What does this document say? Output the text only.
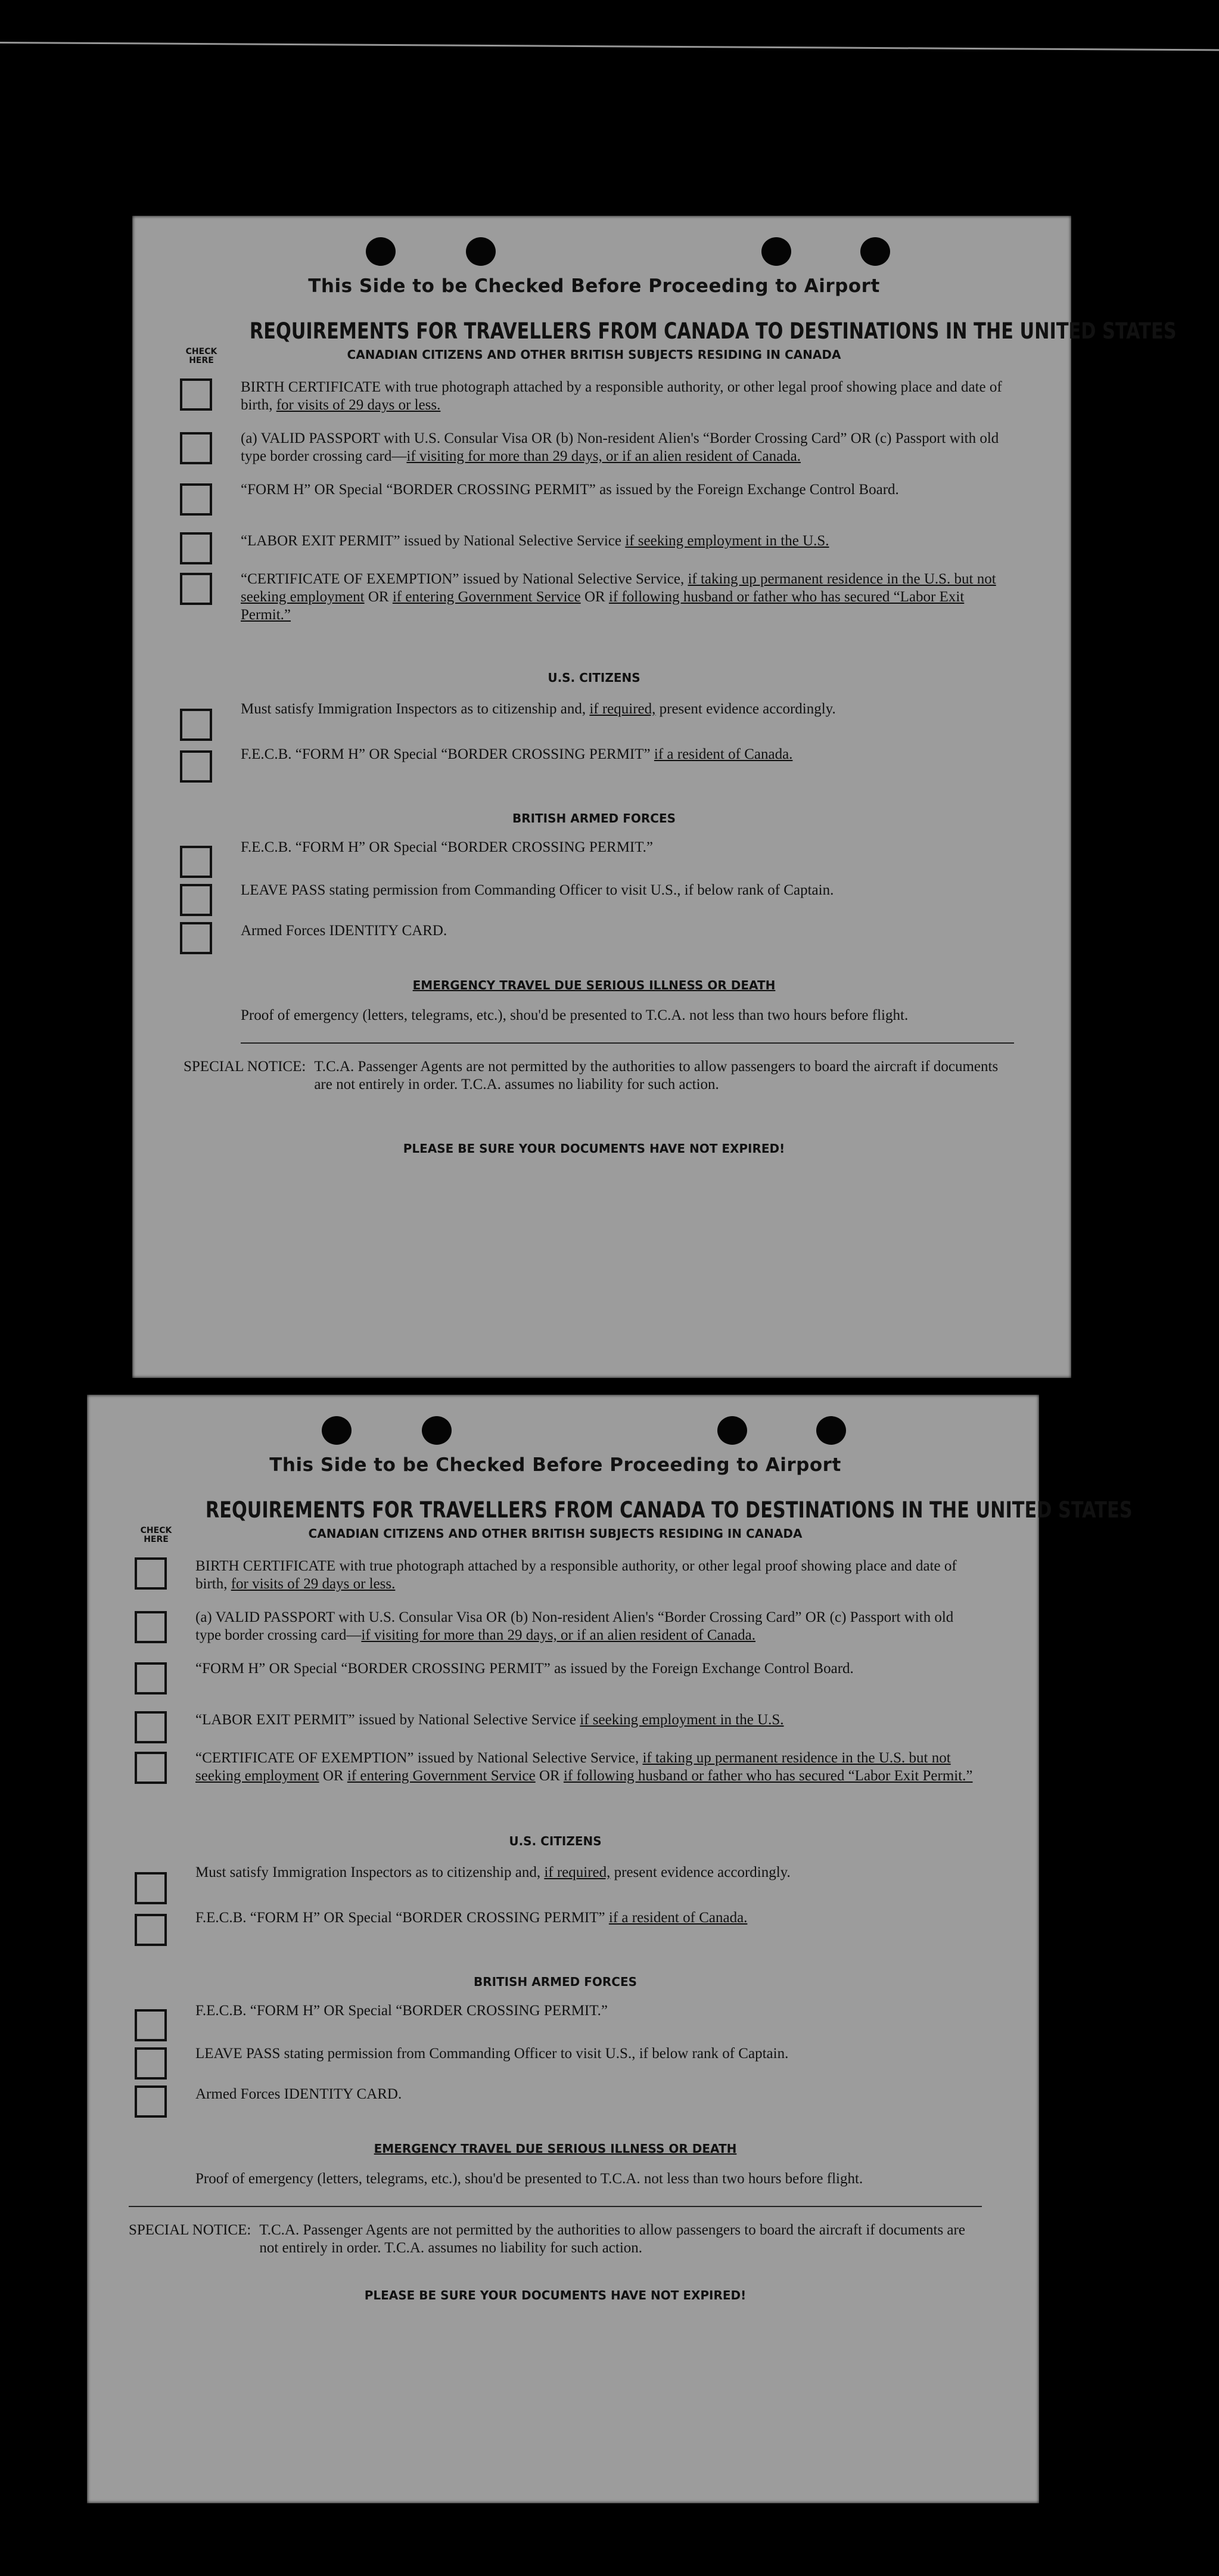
This Side to be Checked Before Proceeding to Airport
REQUIREMENTS FOR TRAVELLERS FROM CANADA TO DESTINATIONS IN THE UNITED STATES
CHECK HERE	CANADIAN CITIZENS AND OTHER BRITISH SUBJECTS RESIDING IN CANADA
BIRTH CERTIFICATE with true photograph attached by a responsible authority, or other legal proof showing place and date of birth, for visits of 29 days or less.
(a) VALID PASSPORT with U.S. Consular Visa OR (b) Non-resident Alien's “Border Crossing Card” OR (c) Passport with old type border crossing card—if visiting for more than 29 days, or if an alien resident of Canada.
“FORM H” OR Special “BORDER CROSSING PERMIT” as issued by the Foreign Exchange Control Board.
“LABOR EXIT PERMIT” issued by National Selective Service if seeking employment in the U.S.
“CERTIFICATE OF EXEMPTION” issued by National Selective Service, if taking up permanent residence in the U.S. but not seeking employment OR if entering Government Service OR if following husband or father who has secured “Labor Exit Permit.”
U.S. CITIZENS
Must satisfy Immigration Inspectors as to citizenship and, if required, present evidence accordingly.
F.E.C.B. “FORM H” OR Special “BORDER CROSSING PERMIT” if a resident of Canada.
BRITISH ARMED FORCES
F.E.C.B. “FORM H” OR Special “BORDER CROSSING PERMIT.”
LEAVE PASS stating permission from Commanding Officer to visit U.S., if below rank of Captain.
Armed Forces IDENTITY CARD.
EMERGENCY TRAVEL DUE SERIOUS ILLNESS OR DEATH
Proof of emergency (letters, telegrams, etc.), shou'd be presented to T.C.A. not less than two hours before flight.
SPECIAL NOTICE: T.C.A. Passenger Agents are not permitted by the authorities to allow passengers to board the aircraft if documents are not entirely in order. T.C.A. assumes no liability for such action.
PLEASE BE SURE YOUR DOCUMENTS HAVE NOT EXPIRED!
This Side to be Checked Before Proceeding to Airport
REQUIREMENTS FOR TRAVELLERS FROM CANADA TO DESTINATIONS IN THE UNITED STATES
CHECK HERE	CANADIAN CITIZENS AND OTHER BRITISH SUBJECTS RESIDING IN CANADA
BIRTH CERTIFICATE with true photograph attached by a responsible authority, or other legal proof showing place and date of birth, for visits of 29 days or less.
(a) VALID PASSPORT with U.S. Consular Visa OR (b) Non-resident Alien's “Border Crossing Card” OR (c) Passport with old type border crossing card—if visiting for more than 29 days, or if an alien resident of Canada.
“FORM H” OR Special “BORDER CROSSING PERMIT” as issued by the Foreign Exchange Control Board.
“LABOR EXIT PERMIT” issued by National Selective Service if seeking employment in the U.S.
“CERTIFICATE OF EXEMPTION” issued by National Selective Service, if taking up permanent residence in the U.S. but not seeking employment OR if entering Government Service OR if following husband or father who has secured “Labor Exit Permit.”
U.S. CITIZENS
Must satisfy Immigration Inspectors as to citizenship and, if required, present evidence accordingly.
F.E.C.B. “FORM H” OR Special “BORDER CROSSING PERMIT” if a resident of Canada.
BRITISH ARMED FORCES
F.E.C.B. “FORM H” OR Special “BORDER CROSSING PERMIT.”
LEAVE PASS stating permission from Commanding Officer to visit U.S., if below rank of Captain.
Armed Forces IDENTITY CARD.
EMERGENCY TRAVEL DUE SERIOUS ILLNESS OR DEATH
Proof of emergency (letters, telegrams, etc.), shou'd be presented to T.C.A. not less than two hours before flight.
SPECIAL NOTICE: T.C.A. Passenger Agents are not permitted by the authorities to allow passengers to board the aircraft if documents are not entirely in order. T.C.A. assumes no liability for such action.
PLEASE BE SURE YOUR DOCUMENTS HAVE NOT EXPIRED!
